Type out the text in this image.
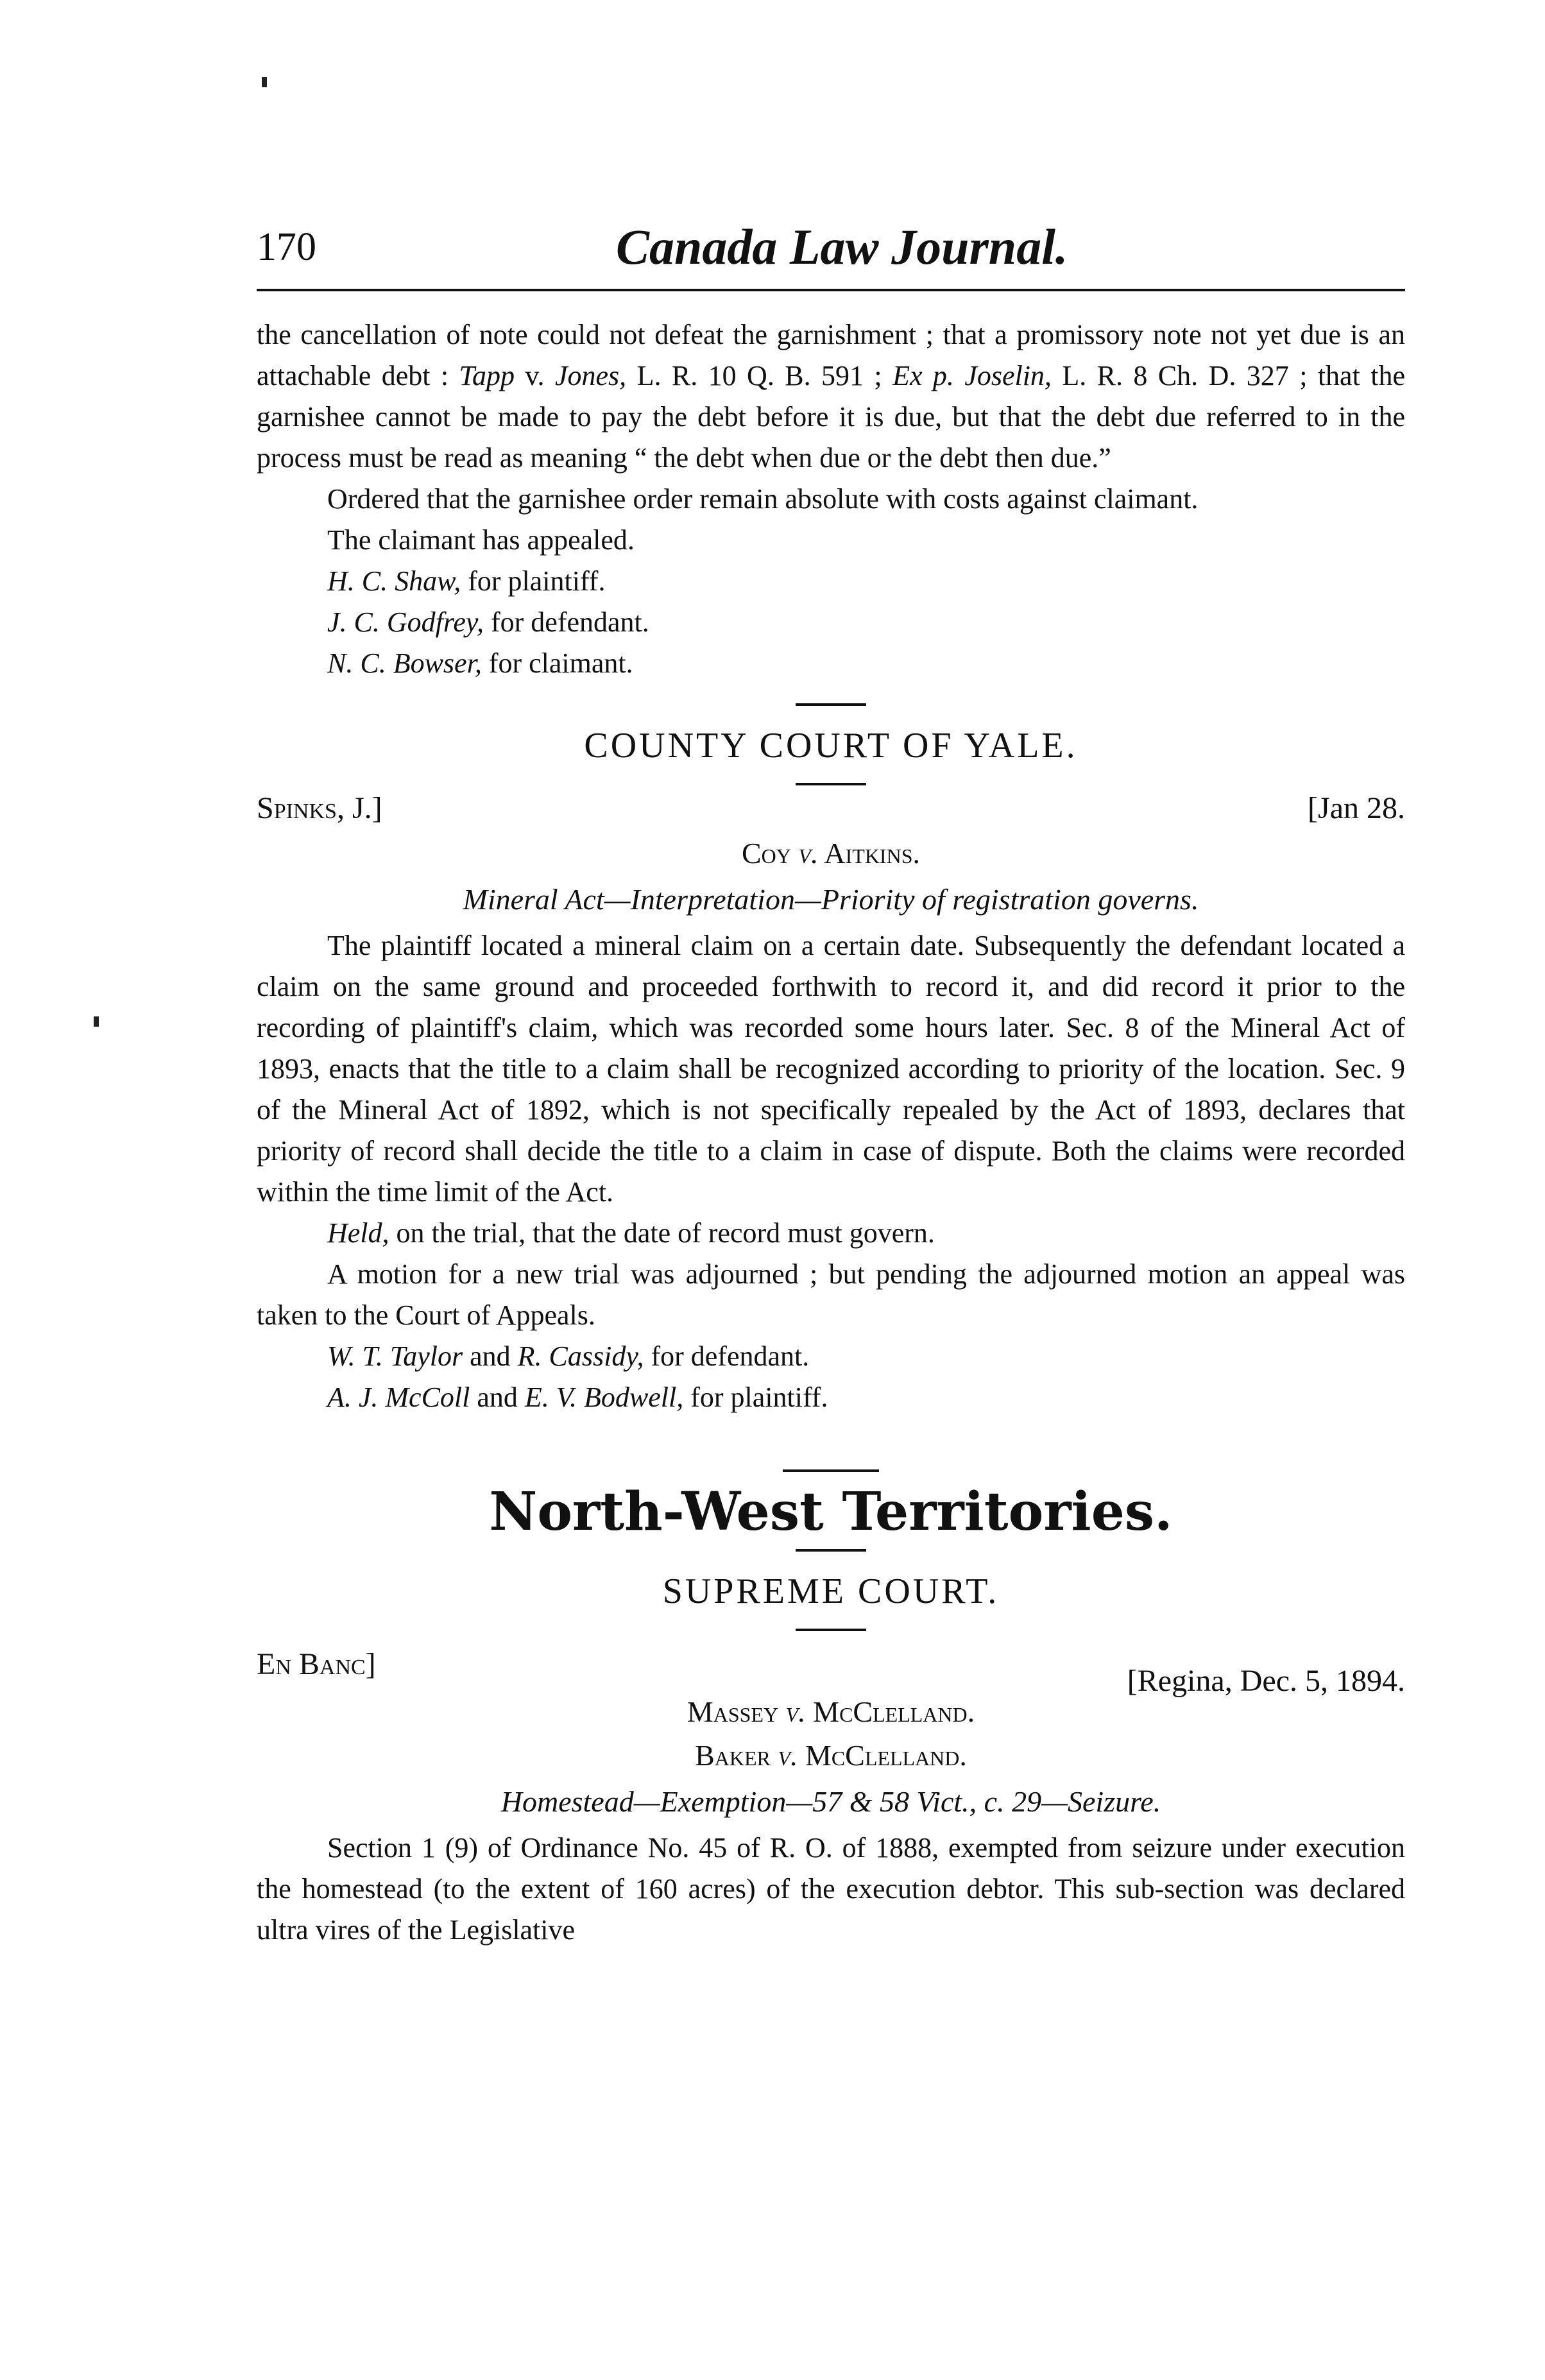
170	Canada Law Journal.

the cancellation of note could not defeat the garnishment ; that a promissory note not yet due is an attachable debt : Tapp v. Jones, L. R. 10 Q. B. 591 ; Ex p. Joselin, L. R. 8 Ch. D. 327 ; that the garnishee cannot be made to pay the debt before it is due, but that the debt due referred to in the process must be read as meaning “ the debt when due or the debt then due.”

Ordered that the garnishee order remain absolute with costs against claimant.

The claimant has appealed.

H. C. Shaw, for plaintiff.

J. C. Godfrey, for defendant.

N. C. Bowser, for claimant.

COUNTY COURT OF YALE.
Spinks, J.]	[Jan 28.
Coy v. Aitkins.
Mineral Act—Interpretation—Priority of registration governs.

The plaintiff located a mineral claim on a certain date. Subsequently the defendant located a claim on the same ground and proceeded forthwith to record it, and did record it prior to the recording of plaintiff's claim, which was recorded some hours later. Sec. 8 of the Mineral Act of 1893, enacts that the title to a claim shall be recognized according to priority of the location. Sec. 9 of the Mineral Act of 1892, which is not specifically repealed by the Act of 1893, declares that priority of record shall decide the title to a claim in case of dispute. Both the claims were recorded within the time limit of the Act.

Held, on the trial, that the date of record must govern.

A motion for a new trial was adjourned ; but pending the adjourned motion an appeal was taken to the Court of Appeals.

W. T. Taylor and R. Cassidy, for defendant.

A. J. McColl and E. V. Bodwell, for plaintiff.

North-West Territories.
SUPREME COURT.
En Banc]	[Regina, Dec. 5, 1894.
Massey v. McClelland.
Baker v. McClelland.
Homestead—Exemption—57 & 58 Vict., c. 29—Seizure.

Section 1 (9) of Ordinance No. 45 of R. O. of 1888, exempted from seizure under execution the homestead (to the extent of 160 acres) of the execution debtor. This sub-section was declared ultra vires of the Legislative
